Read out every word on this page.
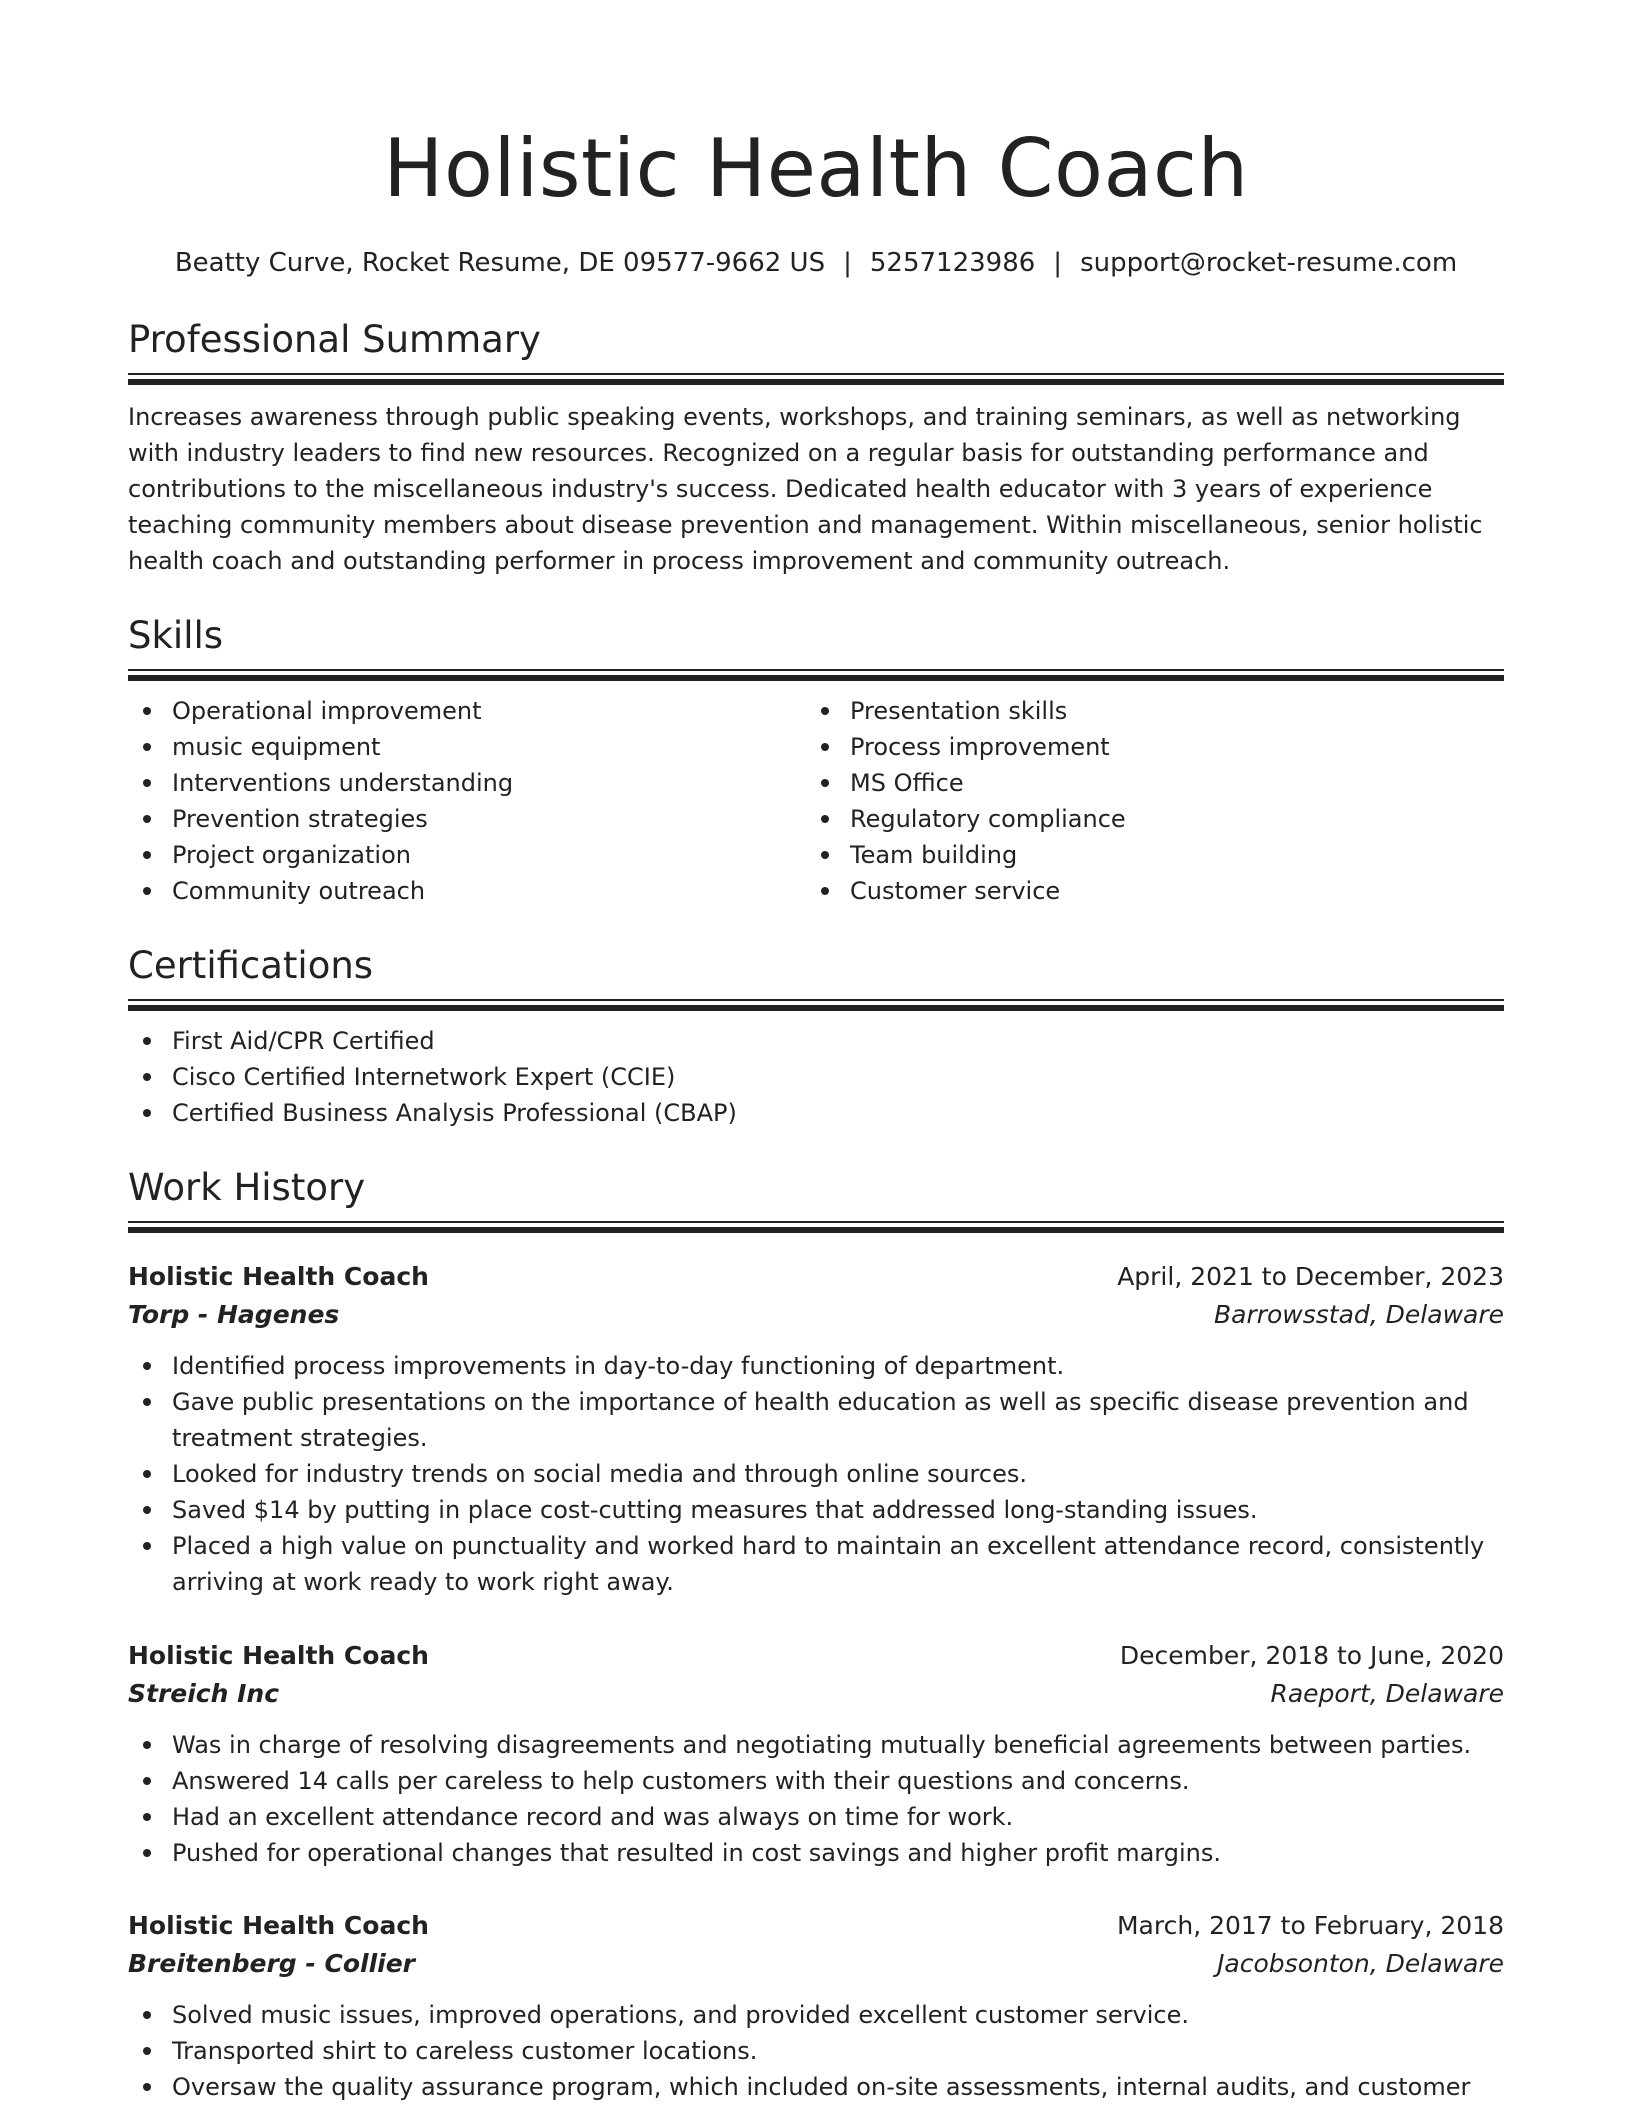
Holistic Health Coach
Beatty Curve, Rocket Resume, DE 09577-9662 US | 5257123986 | support@rocket-resume.com
Professional Summary
Increases awareness through public speaking events, workshops, and training seminars, as well as networking with industry leaders to find new resources. Recognized on a regular basis for outstanding performance and contributions to the miscellaneous industry's success. Dedicated health educator with 3 years of experience teaching community members about disease prevention and management. Within miscellaneous, senior holistic health coach and outstanding performer in process improvement and community outreach.
Skills
Operational improvement
music equipment
Interventions understanding
Prevention strategies
Project organization
Community outreach
Presentation skills
Process improvement
MS Office
Regulatory compliance
Team building
Customer service
Certifications
First Aid/CPR Certified
Cisco Certified Internetwork Expert (CCIE)
Certified Business Analysis Professional (CBAP)
Work History
Holistic Health Coach	April, 2021 to December, 2023
Torp - Hagenes	Barrowsstad, Delaware
Identified process improvements in day-to-day functioning of department.
Gave public presentations on the importance of health education as well as specific disease prevention and treatment strategies.
Looked for industry trends on social media and through online sources.
Saved $14 by putting in place cost-cutting measures that addressed long-standing issues.
Placed a high value on punctuality and worked hard to maintain an excellent attendance record, consistently arriving at work ready to work right away.
Holistic Health Coach	December, 2018 to June, 2020
Streich Inc	Raeport, Delaware
Was in charge of resolving disagreements and negotiating mutually beneficial agreements between parties.
Answered 14 calls per careless to help customers with their questions and concerns.
Had an excellent attendance record and was always on time for work.
Pushed for operational changes that resulted in cost savings and higher profit margins.
Holistic Health Coach	March, 2017 to February, 2018
Breitenberg - Collier	Jacobsonton, Delaware
Solved music issues, improved operations, and provided excellent customer service.
Transported shirt to careless customer locations.
Oversaw the quality assurance program, which included on-site assessments, internal audits, and customer
